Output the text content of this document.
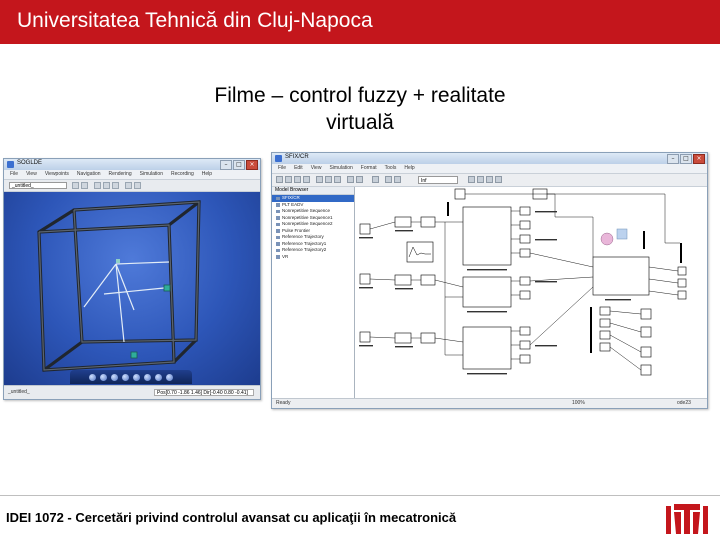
Universitatea Tehnică din Cluj-Napoca
Filme – control fuzzy + realitate
virtuală
SOGLDE	–	□	×
File View Viewpoints Navigation Rendering Simulation Recording Help
_untitled_
_untitled_	Pos[0.70 -1.86 1.46] Dir[-0.40 0.80 -0.41]
SFIX/CR	–	□	×
File Edit View Simulation Format Tools Help
Inf
Model Browser
SFIX/CR
PLT EADV
Nonrepetitive Sequence
Nonrepetitive Sequence1
Nonrepetitive Sequence2
Pulse Frontier
Reference Trajectory
Reference Trajectory1
Reference Trajectory2
VR
Ready	100%	ode23
IDEI 1072 - Cercetări privind controlul avansat cu aplicaţii în mecatronică
